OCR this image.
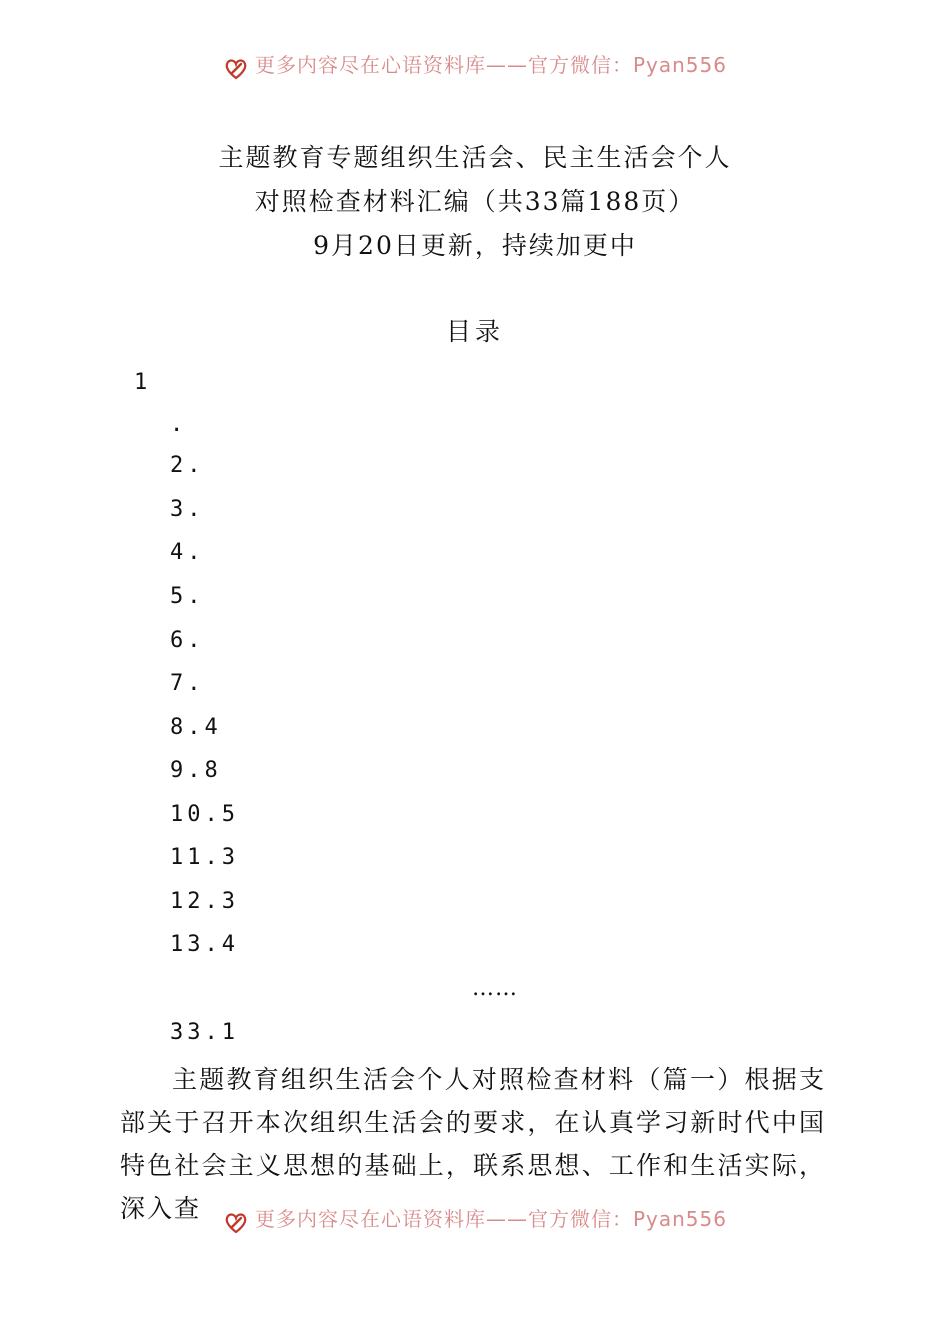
更多内容尽在心语资料库——官方微信：Pyan556
主题教育专题组织生活会、民主生活会个人
对照检查材料汇编（共33篇188页）
9月20日更新，持续加更中
目录
1
.
2.
3.
4.
5.
6.
7.
8.4
9.8
10.5
11.3
12.3
13.4
……
33.1
主题教育组织生活会个人对照检查材料（篇一）根据支部关于召开本次组织生活会的要求，在认真学习新时代中国特色社会主义思想的基础上，联系思想、工作和生活实际，深入查	更多内容尽在心语资料库——官方微信：Pyan556
